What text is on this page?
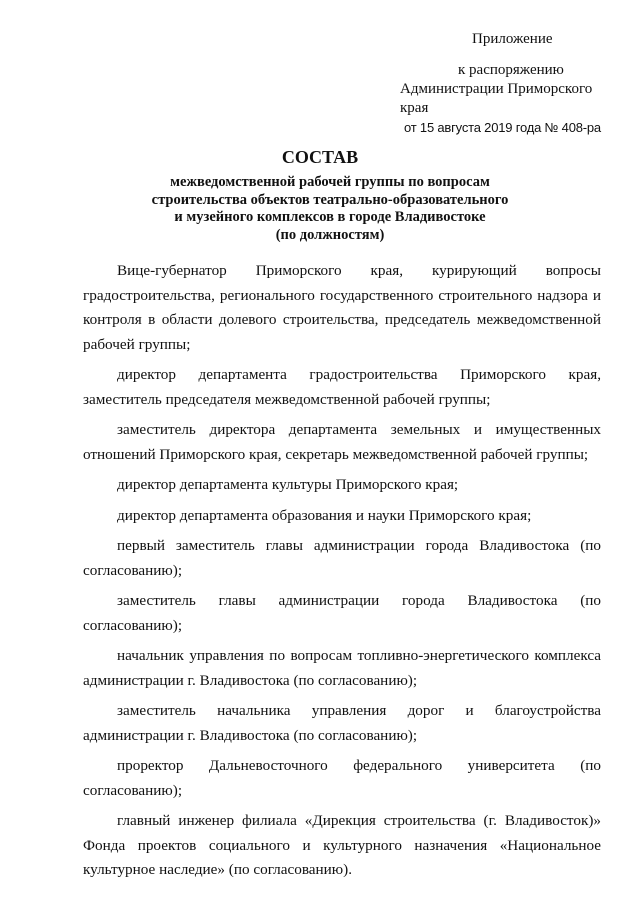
Приложение
к распоряжению
Администрации Приморского края
от 15 августа 2019 года № 408-ра
СОСТАВ
межведомственной рабочей группы по вопросам
строительства объектов театрально-образовательного
и музейного комплексов в городе Владивостоке
(по должностям)

Вице-губернатор Приморского края, курирующий вопросы градостроительства, регионального государственного строительного надзора и контроля в области долевого строительства, председатель межведомственной рабочей группы;

директор департамента градостроительства Приморского края, заместитель председателя межведомственной рабочей группы;

заместитель директора департамента земельных и имущественных отношений Приморского края, секретарь межведомственной рабочей группы;

директор департамента культуры Приморского края;

директор департамента образования и науки Приморского края;

первый заместитель главы администрации города Владивостока (по согласованию);

заместитель главы администрации города Владивостока (по согласованию);

начальник управления по вопросам топливно-энергетического комплекса администрации г. Владивостока (по согласованию);

заместитель начальника управления дорог и благоустройства администрации г. Владивостока (по согласованию);

проректор Дальневосточного федерального университета (по согласованию);

главный инженер филиала «Дирекция строительства (г. Владивосток)» Фонда проектов социального и культурного назначения «Национальное культурное наследие» (по согласованию).
